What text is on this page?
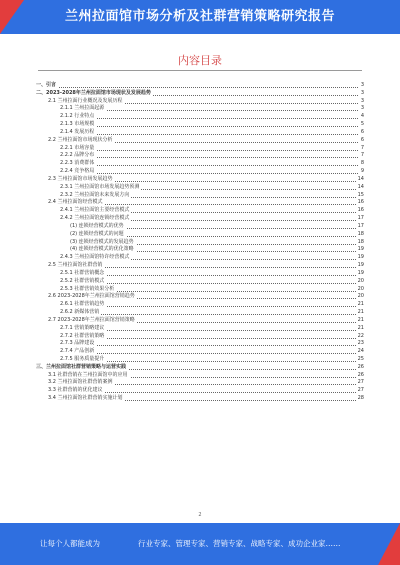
兰州拉面馆市场分析及社群营销策略研究报告
内容目录
一、引言	3
二、2023-2028年兰州拉面馆市场现状及发展趋势	3
2.1 兰州拉面行业概况及发展历程	3
2.1.1 兰州拉面起源	3
2.1.2 行业特点	4
2.1.3 市场规模	5
2.1.4 发展历程	6
2.2 兰州拉面馆市场现状分析	6
2.2.1 市场容量	7
2.2.2 品牌分布	7
2.2.3 消费群体	8
2.2.4 竞争格局	9
2.3 兰州拉面馆市场发展趋势	14
2.3.1 兰州拉面馆市场发展趋势预测	14
2.3.2 兰州拉面馆未来发展方向	15
2.4 兰州拉面馆经营模式	16
2.4.1 兰州拉面馆主要经营模式	16
2.4.2 兰州拉面馆连锁经营模式	17
(1) 连锁经营模式的优势	17
(2) 连锁经营模式的问题	18
(3) 连锁经营模式的发展趋势	18
(4) 连锁经营模式的优化策略	19
2.4.3 兰州拉面馆特许经营模式	19
2.5 兰州拉面馆社群营销	19
2.5.1 社群营销概念	19
2.5.2 社群营销模式	20
2.5.3 社群营销效果分析	20
2.6 2023-2028年兰州拉面馆营销趋势	20
2.6.1 社群营销趋势	21
2.6.2 新媒体营销	21
2.7 2023-2028年兰州拉面馆营销策略	21
2.7.1 营销策略建议	21
2.7.2 社群营销策略	22
2.7.3 品牌建设	23
2.7.4 产品创新	24
2.7.5 服务质量提升	25
三、兰州拉面馆社群营销策略与运营实践	26
3.1 社群营销在兰州拉面馆中的应用	26
3.2 兰州拉面馆社群营销案例	27
3.3 社群营销的优化建议	27
3.4 兰州拉面馆社群营销实施计划	28
2
让每个人都能成为	行业专家、管理专家、营销专家、战略专家、成功企业家……
